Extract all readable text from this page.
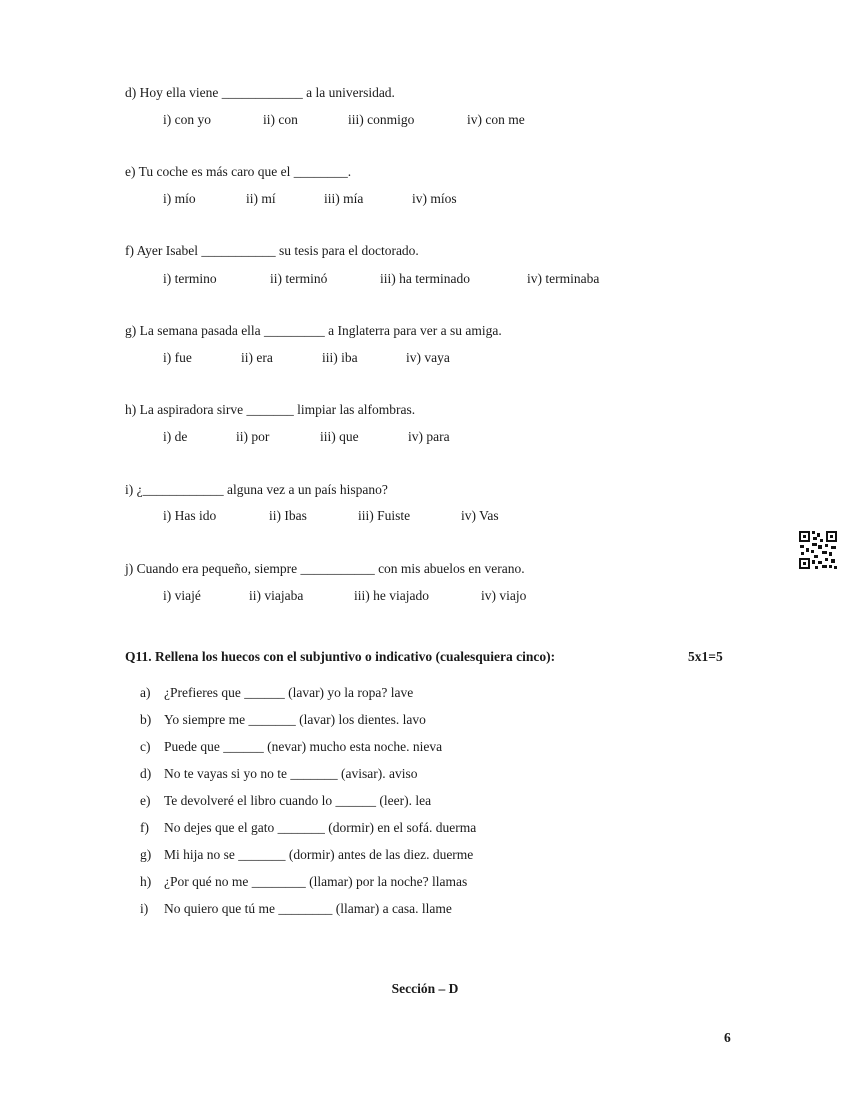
d) Hoy ella viene ____________ a la universidad.
i) con yo	ii) con	iii) conmigo	iv) con me
e) Tu coche es más caro que el ________.
i) mío	ii) mí	iii) mía	iv) míos
f) Ayer Isabel ___________ su tesis para el doctorado.
i) termino	ii) terminó	iii) ha terminado	iv) terminaba
g) La semana pasada ella _________ a Inglaterra para ver a su amiga.
i) fue	ii) era	iii) iba	iv) vaya
h) La aspiradora sirve _______ limpiar las alfombras.
i) de	ii) por	iii) que	iv) para
i) ¿____________ alguna vez a un país hispano?
i) Has ido	ii) Ibas	iii) Fuiste	iv) Vas
j) Cuando era pequeño, siempre ___________ con mis abuelos en verano.
i) viajé	ii) viajaba	iii) he viajado	iv) viajo
Q11. Rellena los huecos con el subjuntivo o indicativo (cualesquiera cinco):	5x1=5
a) ¿Prefieres que ______ (lavar) yo la ropa? lave
b) Yo siempre me _______ (lavar) los dientes. lavo
c) Puede que ______ (nevar) mucho esta noche. nieva
d) No te vayas si yo no te _______ (avisar). aviso
e) Te devolveré el libro cuando lo ______ (leer). lea
f) No dejes que el gato _______ (dormir) en el sofá. duerma
g) Mi hija no se _______ (dormir) antes de las diez. duerme
h) ¿Por qué no me ________ (llamar) por la noche? llamas
i) No quiero que tú me ________ (llamar) a casa. llame
Sección – D
6
